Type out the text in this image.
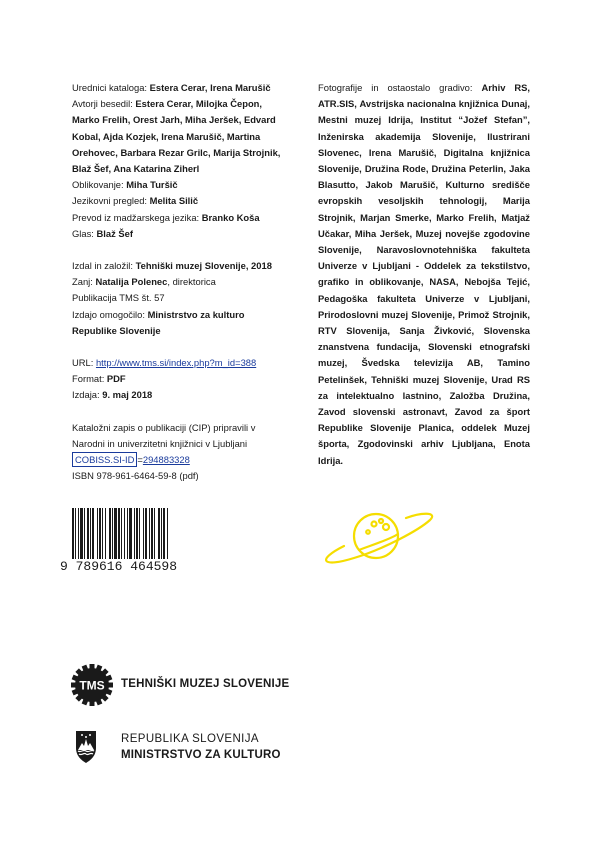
Urednici kataloga: Estera Cerar, Irena Marušič
Avtorji besedil: Estera Cerar, Milojka Čepon,
Marko Frelih, Orest Jarh, Miha Jeršek, Edvard
Kobal, Ajda Kozjek, Irena Marušič, Martina
Orehovec, Barbara Rezar Grilc, Marija Strojnik,
Blaž Šef, Ana Katarina Ziherl
Oblikovanje: Miha Turšič
Jezikovni pregled: Melita Silič
Prevod iz madžarskega jezika: Branko Koša
Glas: Blaž Šef
Izdal in založil: Tehniški muzej Slovenije, 2018
Zanj: Natalija Polenec, direktorica
Publikacija TMS št. 57
Izdajo omogočilo: Ministrstvo za kulturo
Republike Slovenije
URL: http://www.tms.si/index.php?m_id=388
Format: PDF
Izdaja: 9. maj 2018
Kataložni zapis o publikaciji (CIP) pripravili v
Narodni in univerzitetni knjižnici v Ljubljani
COBISS.SI-ID =294883328
ISBN 978-961-6464-59-8 (pdf)
Fotografije in ostaostalo gradivo: Arhiv RS, ATR.SIS, Avstrijska nacionalna knjižnica Dunaj, Mestni muzej Idrija, Institut “Jožef Stefan”, Inženirska akademija Slovenije, Ilustrirani Slovenec, Irena Marušič, Digitalna knjižnica Slovenije, Družina Rode, Družina Peterlin, Jaka Blasutto, Jakob Marušič, Kulturno središče evropskih vesoljskih tehnologij, Marija Strojnik, Marjan Smerke, Marko Frelih, Matjaž Učakar, Miha Jeršek, Muzej novejše zgodovine Slovenije, Naravoslovnotehniška fakulteta Univerze v Ljubljani - Oddelek za tekstilstvo, grafiko in oblikovanje, NASA, Nebojša Tejić, Pedagoška fakulteta Univerze v Ljubljani, Prirodoslovni muzej Slovenije, Primož Strojnik, RTV Slovenija, Sanja Živković, Slovenska znanstvena fundacija, Slovenski etnografski muzej, Švedska televizija AB, Tamino Petelinšek, Tehniški muzej Slovenije, Urad RS za intelektualno lastnino, Založba Družina, Zavod slovenski astronavt, Zavod za šport Republike Slovenije Planica, oddelek Muzej športa, Zgodovinski arhiv Ljubljana, Enota Idrija.
9 789616 464598
TMS TEHNIŠKI MUZEJ SLOVENIJE
REPUBLIKA SLOVENIJA
MINISTRSTVO ZA KULTURO
